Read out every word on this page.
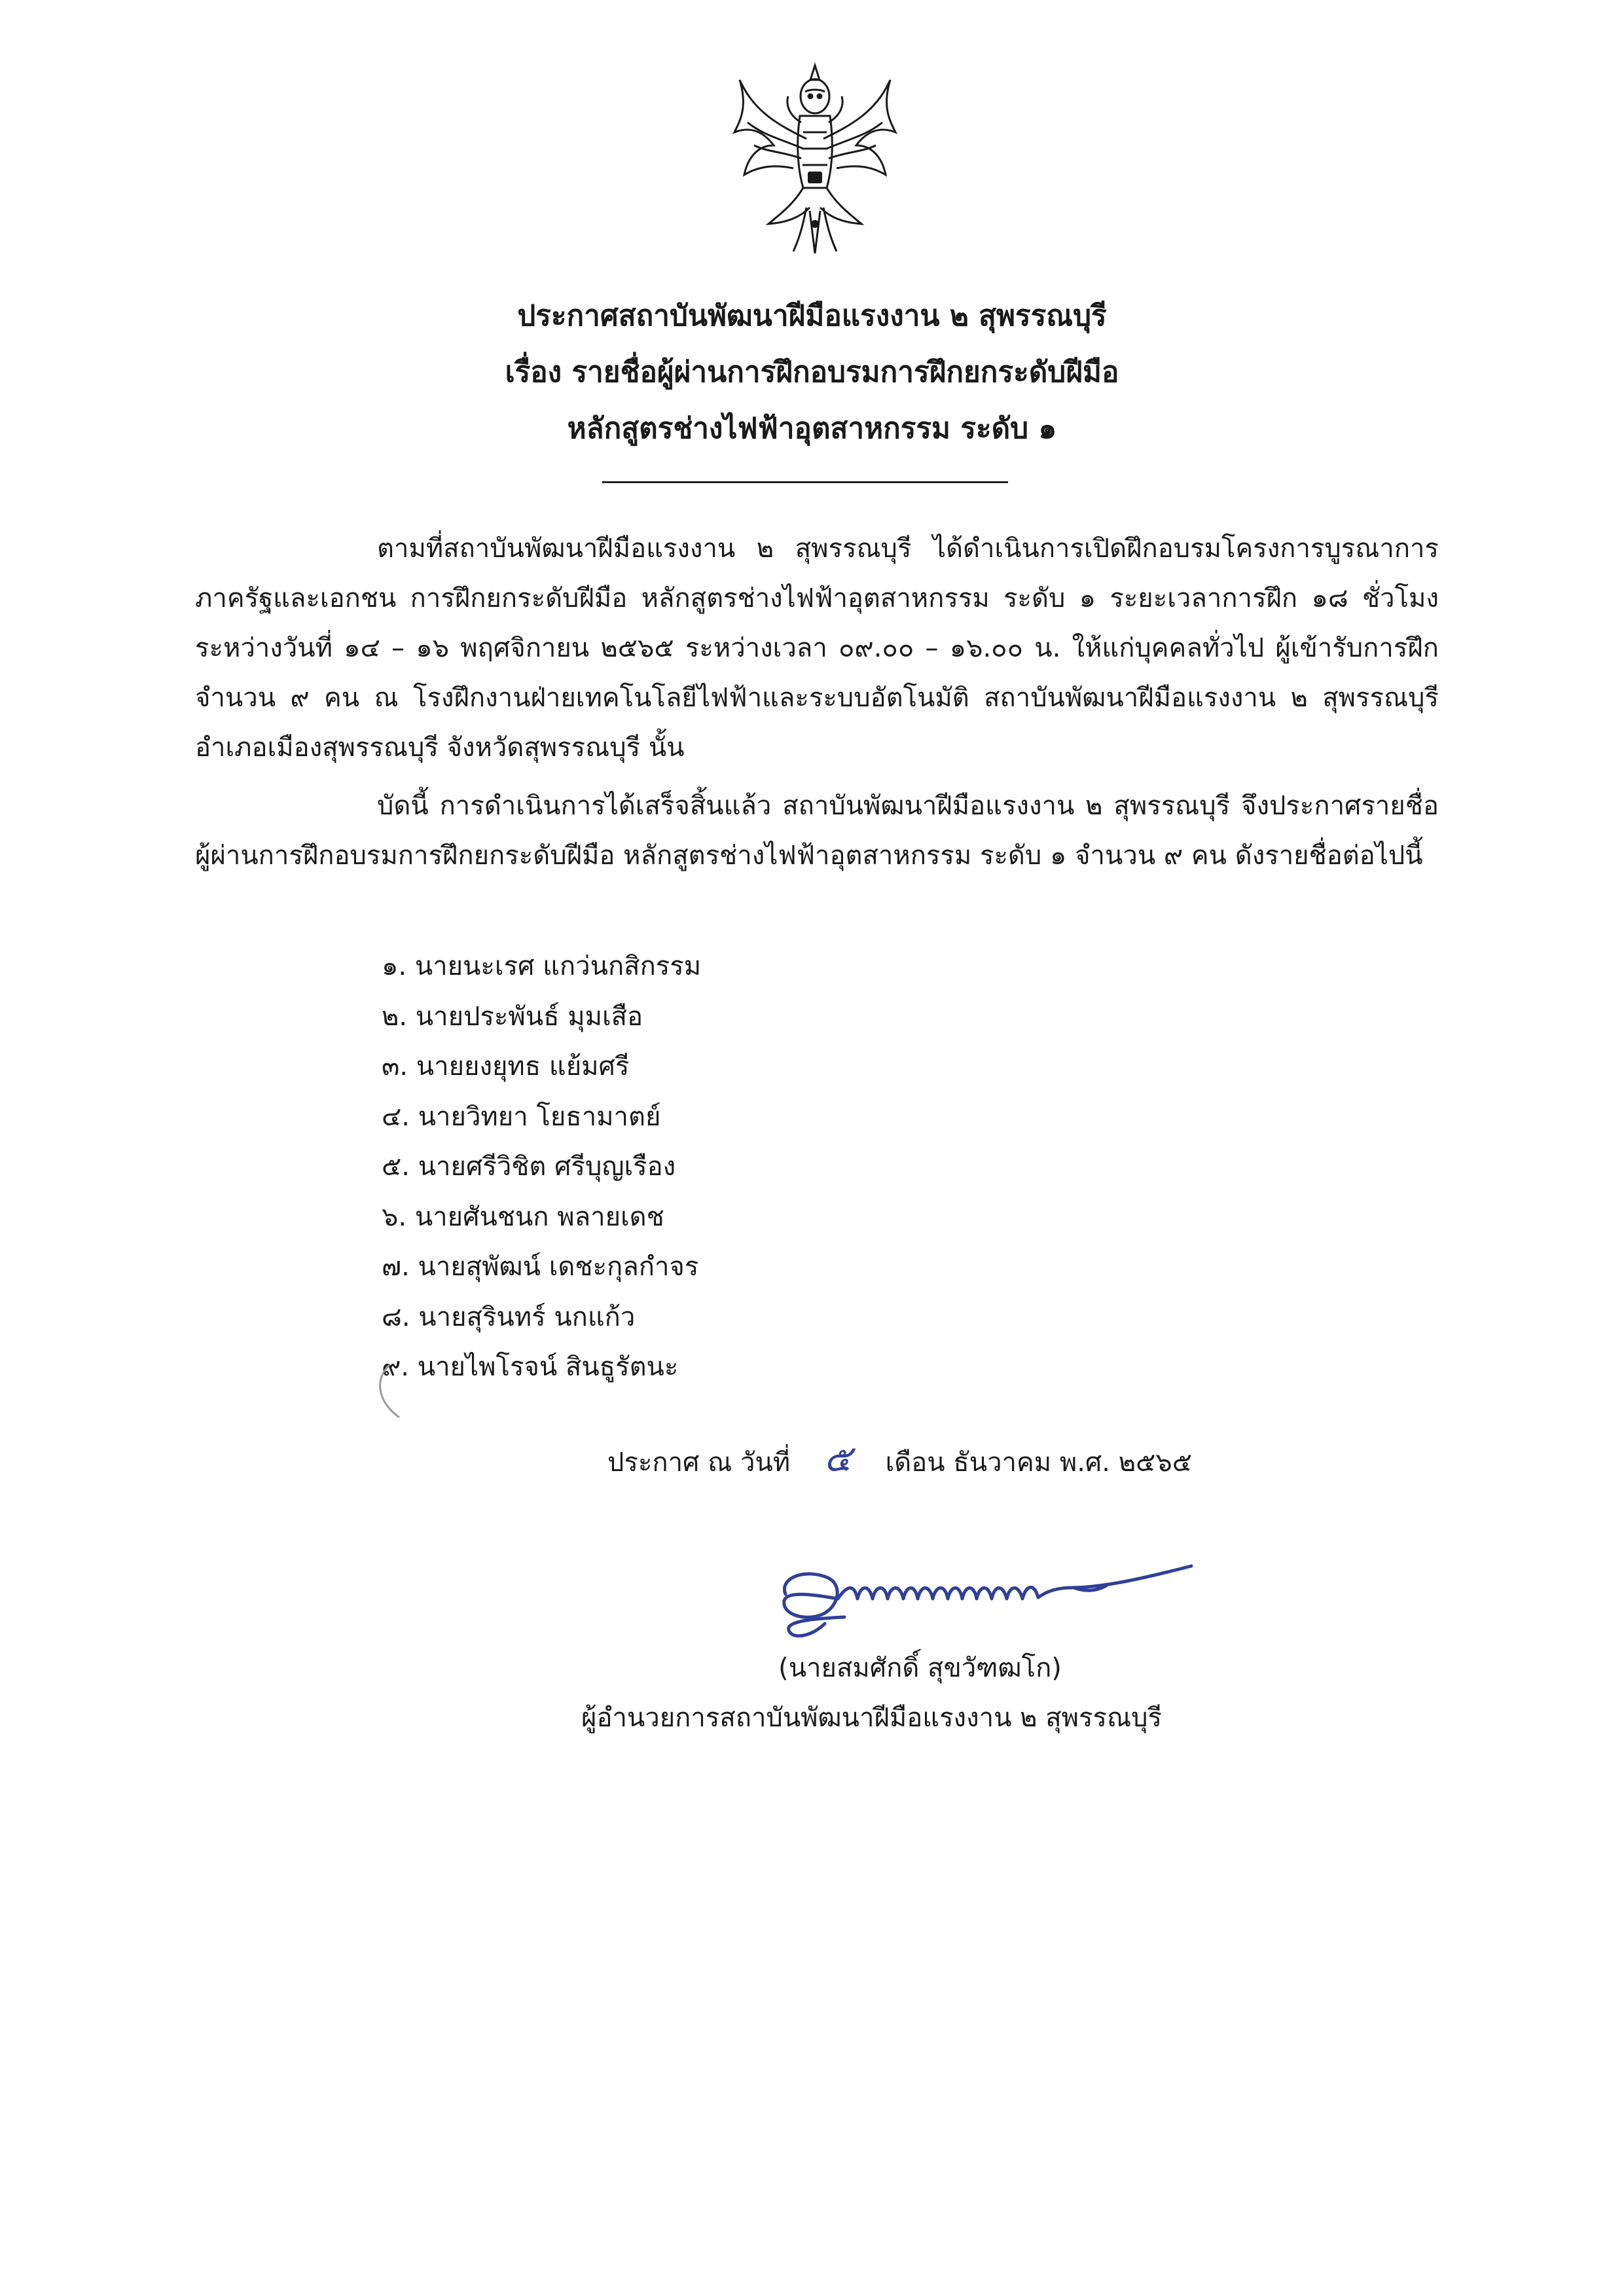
ประกาศสถาบันพัฒนาฝีมือแรงงาน ๒ สุพรรณบุรี
เรื่อง รายชื่อผู้ผ่านการฝึกอบรมการฝึกยกระดับฝีมือ
หลักสูตรช่างไฟฟ้าอุตสาหกรรม ระดับ ๑

ตามที่สถาบันพัฒนาฝีมือแรงงาน ๒ สุพรรณบุรี ได้ดำเนินการเปิดฝึกอบรมโครงการบูรณาการภาครัฐและเอกชน การฝึกยกระดับฝีมือ หลักสูตรช่างไฟฟ้าอุตสาหกรรม ระดับ ๑ ระยะเวลาการฝึก ๑๘ ชั่วโมง ระหว่างวันที่ ๑๔ – ๑๖ พฤศจิกายน ๒๕๖๕ ระหว่างเวลา ๐๙.๐๐ – ๑๖.๐๐ น. ให้แก่บุคคลทั่วไป ผู้เข้ารับการฝึก จำนวน ๙ คน ณ โรงฝึกงานฝ่ายเทคโนโลยีไฟฟ้าและระบบอัตโนมัติ สถาบันพัฒนาฝีมือแรงงาน ๒ สุพรรณบุรี อำเภอเมืองสุพรรณบุรี จังหวัดสุพรรณบุรี นั้น

บัดนี้ การดำเนินการได้เสร็จสิ้นแล้ว สถาบันพัฒนาฝีมือแรงงาน ๒ สุพรรณบุรี จึงประกาศรายชื่อผู้ผ่านการฝึกอบรมการฝึกยกระดับฝีมือ หลักสูตรช่างไฟฟ้าอุตสาหกรรม ระดับ ๑ จำนวน ๙ คน ดังรายชื่อต่อไปนี้

๑. นายนะเรศ แกว่นกสิกรรม
๒. นายประพันธ์ มุมเสือ
๓. นายยงยุทธ แย้มศรี
๔. นายวิทยา โยธามาตย์
๕. นายศรีวิชิต ศรีบุญเรือง
๖. นายศันชนก พลายเดช
๗. นายสุพัฒน์ เดชะกุลกำจร
๘. นายสุรินทร์ นกแก้ว
๙. นายไพโรจน์ สินธูรัตนะ
ประกาศ ณ วันที่ ๕ เดือน ธันวาคม พ.ศ. ๒๕๖๕
(นายสมศักดิ์ สุขวัฑฒโก)
ผู้อำนวยการสถาบันพัฒนาฝีมือแรงงาน ๒ สุพรรณบุรี
